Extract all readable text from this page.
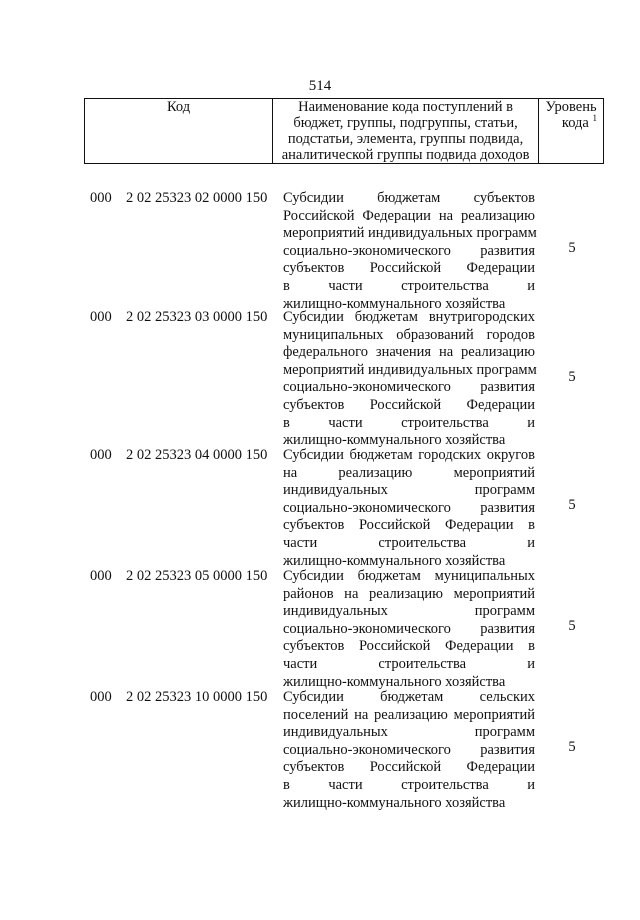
514
Код	Наименование кода поступлений в
бюджет, группы, подгруппы, статьи,
подстатьи, элемента, группы подвида,
аналитической группы подвида доходов

Уровень
кода $^1$
000 2 02 25323 02 0000 150 Субсидии бюджетам субъектов
Российской Федерации на реализацию
мероприятий индивидуальных программ
социально-экономического развития
субъектов Российской Федерации
в части строительства и
жилищно-коммунального хозяйства
5
000 2 02 25323 03 0000 150 Субсидии бюджетам внутригородских
муниципальных образований городов
федерального значения на реализацию
мероприятий индивидуальных программ
социально-экономического развития
субъектов Российской Федерации
в части строительства и
жилищно-коммунального хозяйства
5
000 2 02 25323 04 0000 150 Субсидии бюджетам городских округов
на реализацию мероприятий
индивидуальных программ
социально-экономического развития
субъектов Российской Федерации в
части строительства и
жилищно-коммунального хозяйства
5
000 2 02 25323 05 0000 150 Субсидии бюджетам муниципальных
районов на реализацию мероприятий
индивидуальных программ
социально-экономического развития
субъектов Российской Федерации в
части строительства и
жилищно-коммунального хозяйства
5
000 2 02 25323 10 0000 150 Субсидии бюджетам сельских
поселений на реализацию мероприятий
индивидуальных программ
социально-экономического развития
субъектов Российской Федерации
в части строительства и
жилищно-коммунального хозяйства
5
